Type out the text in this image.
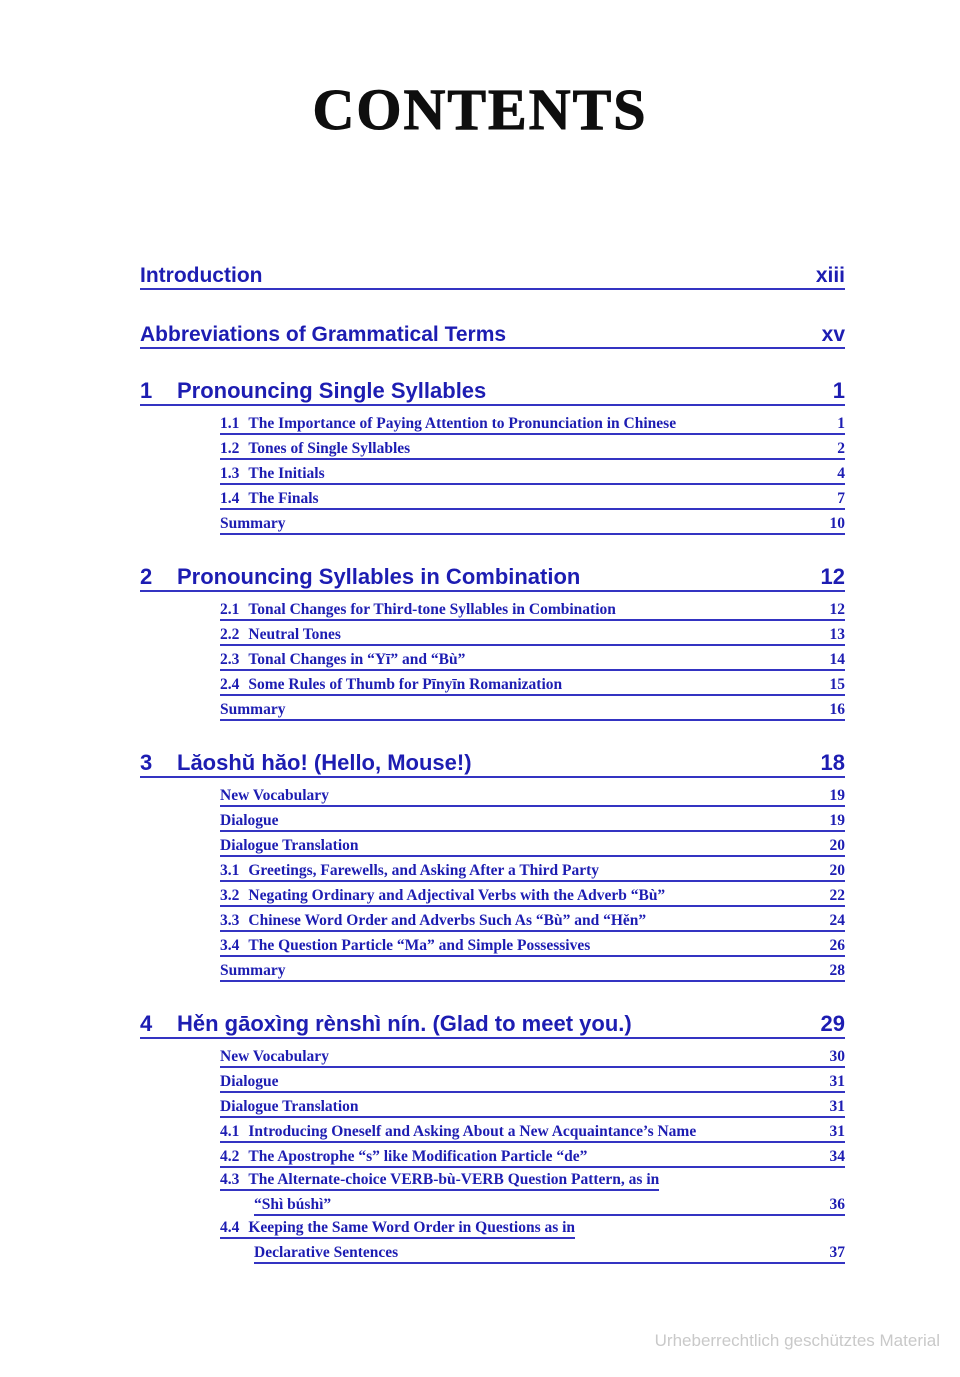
CONTENTS
Introduction	xiii
Abbreviations of Grammatical Terms	xv
1	Pronouncing Single Syllables	1
1.1 The Importance of Paying Attention to Pronunciation in Chinese	1
1.2 Tones of Single Syllables	2
1.3 The Initials	4
1.4 The Finals	7
Summary	10
2	Pronouncing Syllables in Combination	12
2.1 Tonal Changes for Third-tone Syllables in Combination	12
2.2 Neutral Tones	13
2.3 Tonal Changes in “Yī” and “Bù”	14
2.4 Some Rules of Thumb for Pīnyīn Romanization	15
Summary	16
3	Lăoshŭ hăo! (Hello, Mouse!)	18
New Vocabulary	19
Dialogue	19
Dialogue Translation	20
3.1 Greetings, Farewells, and Asking After a Third Party	20
3.2 Negating Ordinary and Adjectival Verbs with the Adverb “Bù”	22
3.3 Chinese Word Order and Adverbs Such As “Bù” and “Hěn”	24
3.4 The Question Particle “Ma” and Simple Possessives	26
Summary	28
4	Hěn gāoxìng rènshì nín. (Glad to meet you.)	29
New Vocabulary	30
Dialogue	31
Dialogue Translation	31
4.1 Introducing Oneself and Asking About a New Acquaintance’s Name	31
4.2 The Apostrophe “s” like Modification Particle “de”	34
4.3 The Alternate-choice VERB-bù-VERB Question Pattern, as in
“Shì búshì”	36
4.4 Keeping the Same Word Order in Questions as in
Declarative Sentences	37
Urheberrechtlich geschütztes Material
